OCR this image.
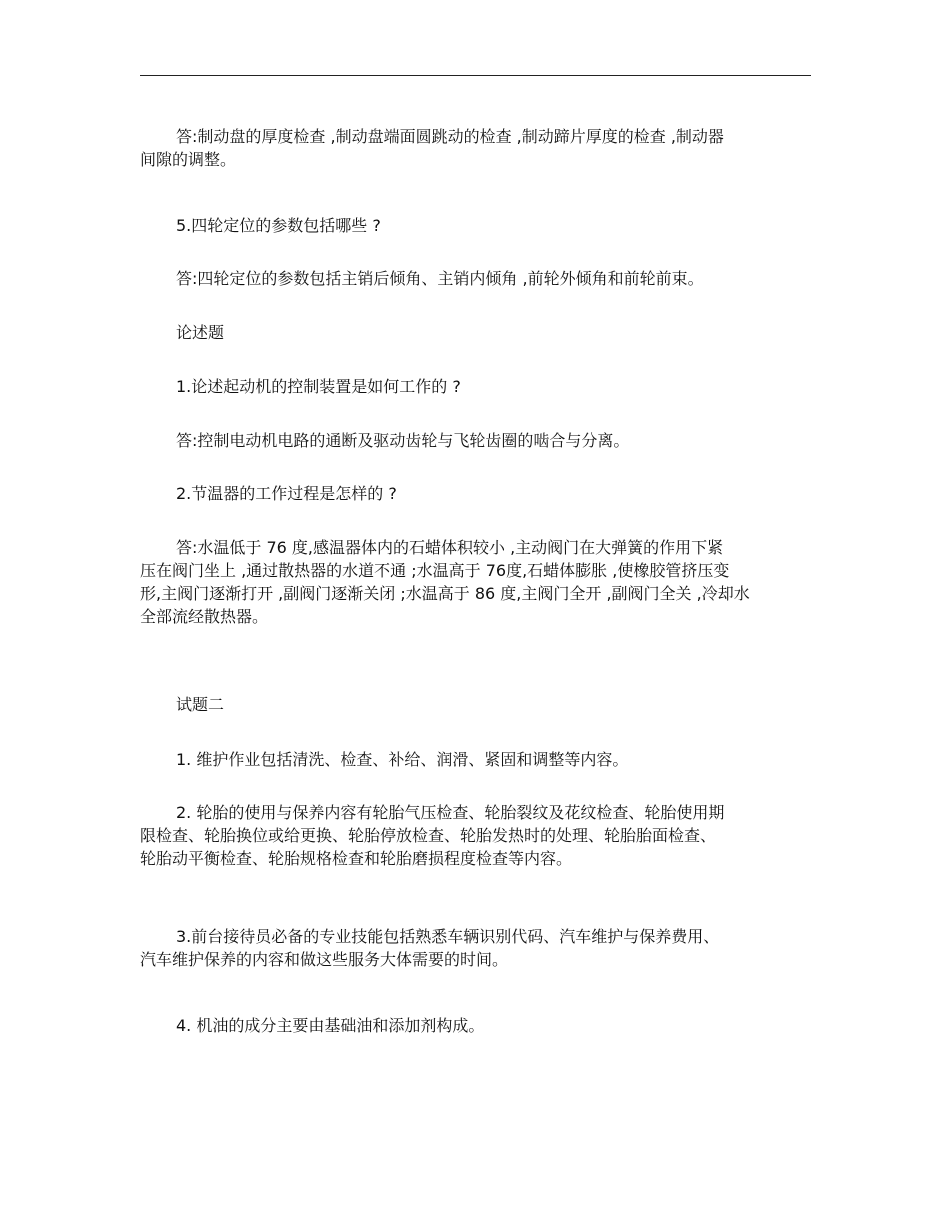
答:制动盘的厚度检查 ,制动盘端面圆跳动的检查 ,制动蹄片厚度的检查 ,制动器
间隙的调整。
5.四轮定位的参数包括哪些 ?
答:四轮定位的参数包括主销后倾角、主销内倾角 ,前轮外倾角和前轮前束。
论述题
1.论述起动机的控制装置是如何工作的 ?
答:控制电动机电路的通断及驱动齿轮与飞轮齿圈的啮合与分离。
2.节温器的工作过程是怎样的 ?
答:水温低于 76 度,感温器体内的石蜡体积较小 ,主动阀门在大弹簧的作用下紧
压在阀门坐上 ,通过散热器的水道不通 ;水温高于 76度,石蜡体膨胀 ,使橡胶管挤压变
形,主阀门逐渐打开 ,副阀门逐渐关闭 ;水温高于 86 度,主阀门全开 ,副阀门全关 ,冷却水
全部流经散热器。
试题二
1. 维护作业包括清洗、检查、补给、润滑、紧固和调整等内容。
2. 轮胎的使用与保养内容有轮胎气压检查、轮胎裂纹及花纹检查、轮胎使用期
限检查、轮胎换位或给更换、轮胎停放检查、轮胎发热时的处理、轮胎胎面检查、
轮胎动平衡检查、轮胎规格检查和轮胎磨损程度检查等内容。
3.前台接待员必备的专业技能包括熟悉车辆识别代码、汽车维护与保养费用、
汽车维护保养的内容和做这些服务大体需要的时间。
4. 机油的成分主要由基础油和添加剂构成。
